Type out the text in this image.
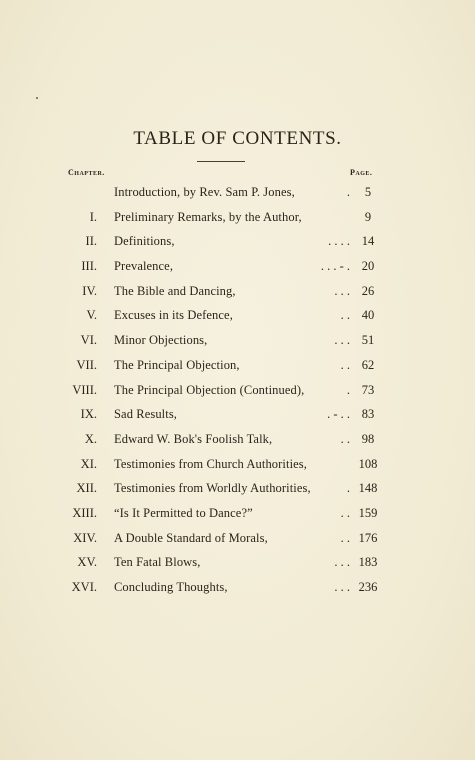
TABLE OF CONTENTS.
Chapter.	Page.
Introduction, by Rev. Sam P. Jones,	.	5
I. Preliminary Remarks, by the Author,	9
II. Definitions,	. . . . 14
III. Prevalence,	. . . - . 20
IV. The Bible and Dancing,	. . . 26
V. Excuses in its Defence,	. . 40
VI. Minor Objections,	. . . 51
VII. The Principal Objection,	. . 62
VIII. The Principal Objection (Continued),	. 73
IX. Sad Results,	. - . . 83
X. Edward W. Bok's Foolish Talk,	. . 98
XI. Testimonies from Church Authorities,	108
XII. Testimonies from Worldly Authorities,	. 148
XIII. “Is It Permitted to Dance?”	. . 159
XIV. A Double Standard of Morals,	. . 176
XV. Ten Fatal Blows,	. . . 183
XVI. Concluding Thoughts,	. . . 236
